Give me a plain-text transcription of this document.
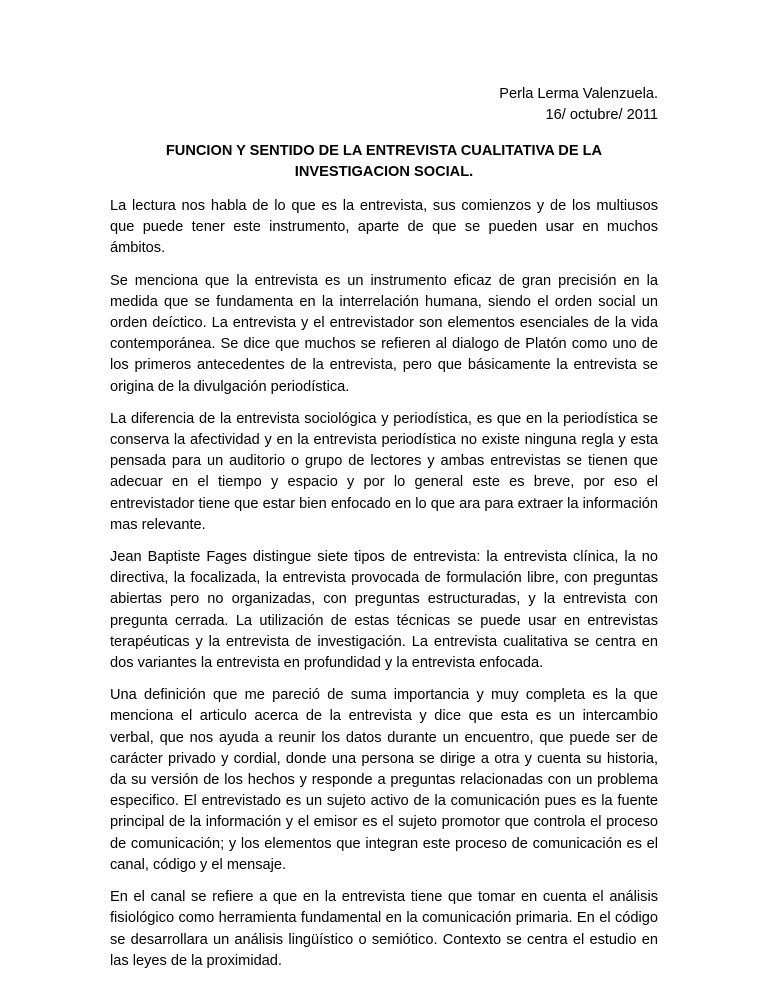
Perla Lerma Valenzuela.
16/ octubre/ 2011
FUNCION Y SENTIDO DE LA ENTREVISTA CUALITATIVA DE LA INVESTIGACION SOCIAL.

La lectura nos habla de lo que es la entrevista, sus comienzos y de los multiusos que puede tener este instrumento, aparte de que se pueden usar en muchos ámbitos.

Se menciona que la entrevista es un instrumento eficaz de gran precisión en la medida que se fundamenta en la interrelación humana, siendo el orden social un orden deíctico. La entrevista y el entrevistador son elementos esenciales de la vida contemporánea. Se dice que muchos se refieren al dialogo de Platón como uno de los primeros antecedentes de la entrevista, pero que básicamente la entrevista se origina de la divulgación periodística.

La diferencia de la entrevista sociológica y periodística, es que en la periodística se conserva la afectividad y en la entrevista periodística no existe ninguna regla y esta pensada para un auditorio o grupo de lectores y ambas entrevistas se tienen que adecuar en el tiempo y espacio y por lo general este es breve, por eso el entrevistador tiene que estar bien enfocado en lo que ara para extraer la información mas relevante.

Jean Baptiste Fages distingue siete tipos de entrevista: la entrevista clínica, la no directiva, la focalizada, la entrevista provocada de formulación libre, con preguntas abiertas pero no organizadas, con preguntas estructuradas, y la entrevista con pregunta cerrada. La utilización de estas técnicas se puede usar en entrevistas terapéuticas y la entrevista de investigación. La entrevista cualitativa se centra en dos variantes la entrevista en profundidad y la entrevista enfocada.

Una definición que me pareció de suma importancia y muy completa es la que menciona el articulo acerca de la entrevista y dice que esta es un intercambio verbal, que nos ayuda a reunir los datos durante un encuentro, que puede ser de carácter privado y cordial, donde una persona se dirige a otra y cuenta su historia, da su versión de los hechos y responde a preguntas relacionadas con un problema especifico. El entrevistado es un sujeto activo de la comunicación pues es la fuente principal de la información y el emisor es el sujeto promotor que controla el proceso de comunicación; y los elementos que integran este proceso de comunicación es el canal, código y el mensaje.

En el canal se refiere a que en la entrevista tiene que tomar en cuenta el análisis fisiológico como herramienta fundamental en la comunicación primaria. En el código se desarrollara un análisis lingüístico o semiótico. Contexto se centra el estudio en las leyes de la proximidad.
